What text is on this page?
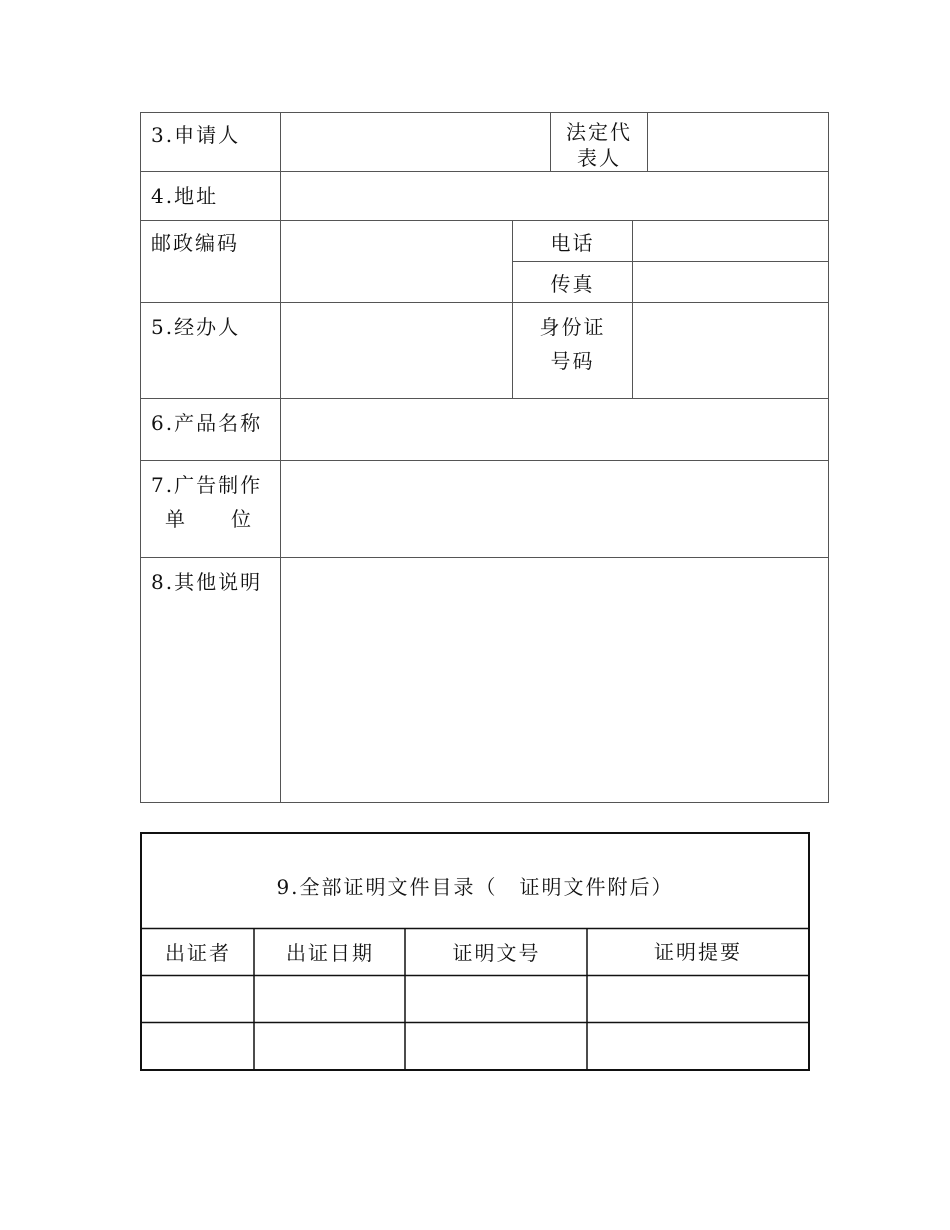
3.申请人	法定代
表人
4.地址
邮政编码	电话
传真
5.经办人	身份证
号码
6.产品名称
7.广告制作
单　　位
8.其他说明
9.全部证明文件目录（　证明文件附后）
出证者	出证日期	证明文号	证明提要
